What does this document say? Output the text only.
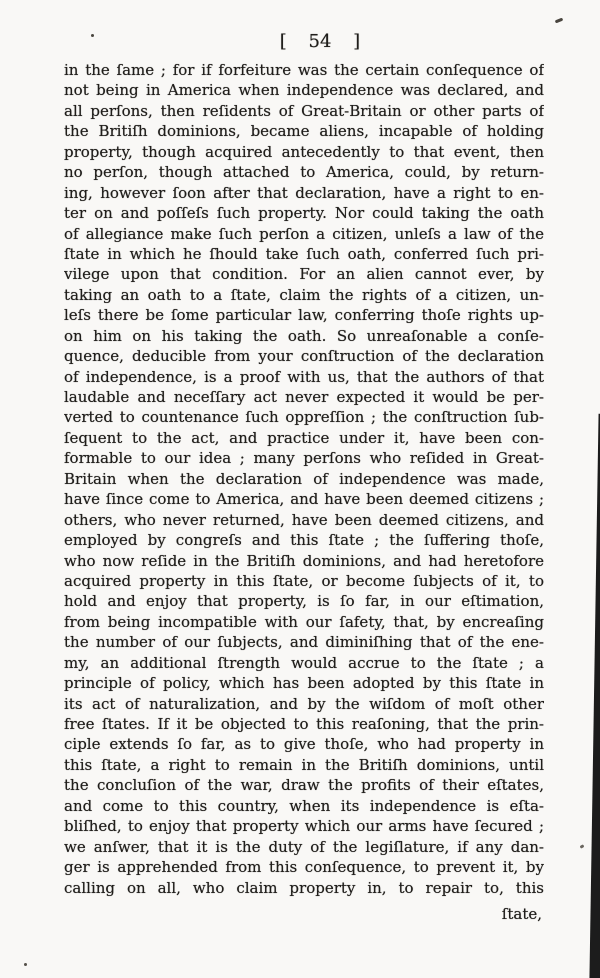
[ 54 ]
in the ſame ; for if forfeiture was the certain conſequence of
not being in America when independence was declared, and
all perſons, then reſidents of Great-Britain or other parts of
the Britiſh dominions, became aliens, incapable of holding
property, though acquired antecedently to that event, then
no perſon, though attached to America, could, by return-
ing, however ſoon after that declaration, have a right to en-
ter on and poſſeſs ſuch property. Nor could taking the oath
of allegiance make ſuch perſon a citizen, unleſs a law of the
ſtate in which he ſhould take ſuch oath, conferred ſuch pri-
vilege upon that condition. For an alien cannot ever, by
taking an oath to a ſtate, claim the rights of a citizen, un-
leſs there be ſome particular law, conferring thoſe rights up-
on him on his taking the oath. So unreaſonable a conſe-
quence, deducible from your conſtruction of the declaration
of independence, is a proof with us, that the authors of that
laudable and neceſſary act never expected it would be per-
verted to countenance ſuch oppreſſion ; the conſtruction ſub-
ſequent to the act, and practice under it, have been con-
formable to our idea ; many perſons who reſided in Great-
Britain when the declaration of independence was made,
have ſince come to America, and have been deemed citizens ;
others, who never returned, have been deemed citizens, and
employed by congreſs and this ſtate ; the ſuffering thoſe,
who now reſide in the Britiſh dominions, and had heretofore
acquired property in this ſtate, or become ſubjects of it, to
hold and enjoy that property, is ſo far, in our eſtimation,
from being incompatible with our ſafety, that, by encreaſing
the number of our ſubjects, and diminiſhing that of the ene-
my, an additional ſtrength would accrue to the ſtate ; a
principle of policy, which has been adopted by this ſtate in
its act of naturalization, and by the wiſdom of moſt other
free ſtates. If it be objected to this reaſoning, that the prin-
ciple extends ſo far, as to give thoſe, who had property in
this ſtate, a right to remain in the Britiſh dominions, until
the concluſion of the war, draw the profits of their eſtates,
and come to this country, when its independence is eſta-
bliſhed, to enjoy that property which our arms have ſecured ;
we anſwer, that it is the duty of the legiſlature, if any dan-
ger is apprehended from this conſequence, to prevent it, by
calling on all, who claim property in, to repair to, this
ſtate,
